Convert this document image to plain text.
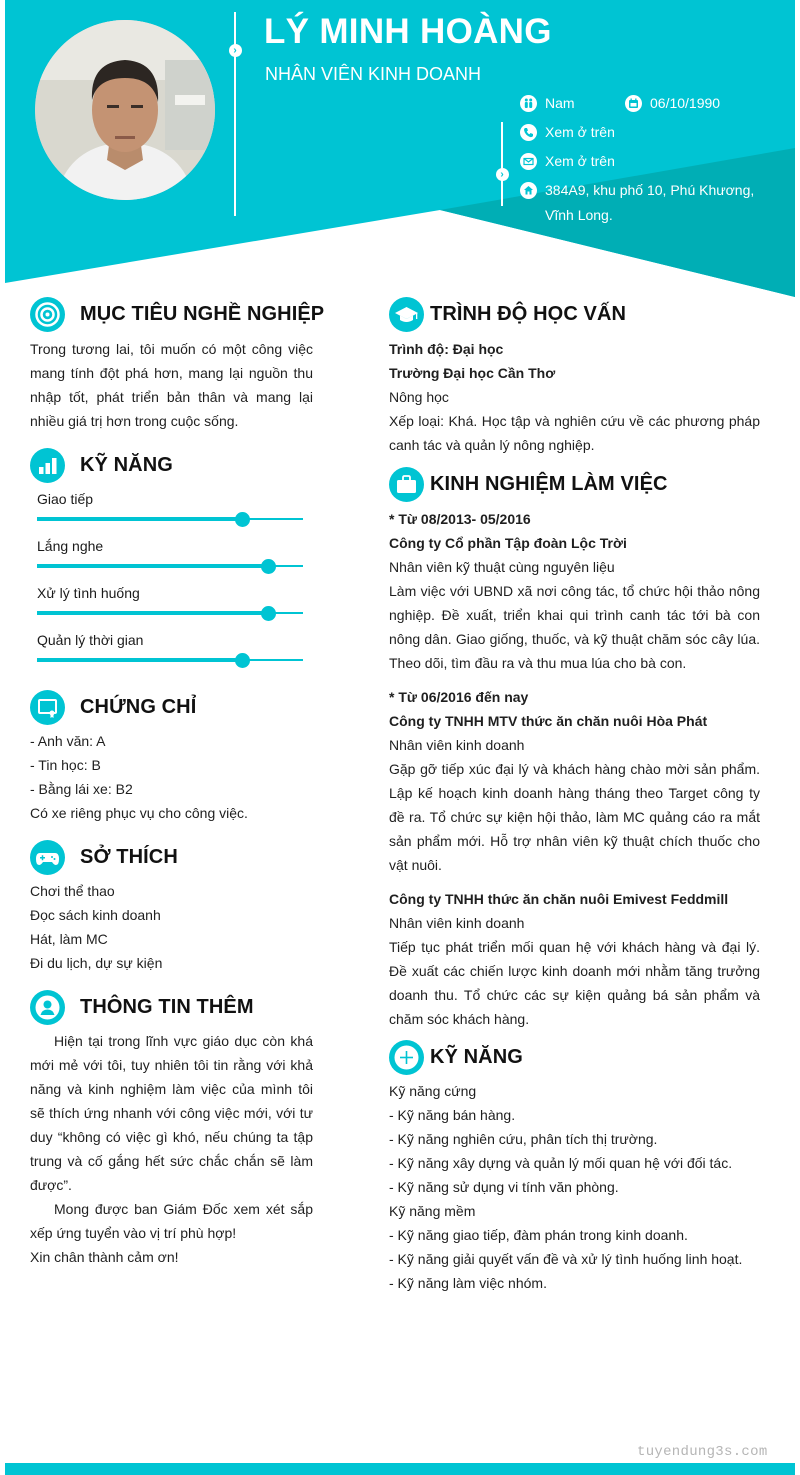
› LÝ MINH HOÀNG
NHÂN VIÊN KINH DOANH
›
Nam	06/10/1990
Xem ở trên
Xem ở trên
384A9, khu phố 10, Phú Khương,
Vĩnh Long.
MỤC TIÊU NGHỀ NGHIỆP

Trong tương lai, tôi muốn có một công việc mang tính đột phá hơn, mang lại nguồn thu nhập tốt, phát triển bản thân và mang lại nhiều giá trị hơn trong cuộc sống.

KỸ NĂNG
Giao tiếp
Lắng nghe
Xử lý tình huống
Quản lý thời gian
CHỨNG CHỈ
- Anh văn: A
- Tin học: B
- Bằng lái xe: B2
Có xe riêng phục vụ cho công việc.
SỞ THÍCH
Chơi thể thao
Đọc sách kinh doanh
Hát, làm MC
Đi du lịch, dự sự kiện
THÔNG TIN THÊM

Hiện tại trong lĩnh vực giáo dục còn khá mới mẻ với tôi, tuy nhiên tôi tin rằng với khả năng và kinh nghiệm làm việc của mình tôi sẽ thích ứng nhanh với công việc mới, với tư duy “không có việc gì khó, nếu chúng ta tập trung và cố gắng hết sức chắc chắn sẽ làm được”.

Mong được ban Giám Đốc xem xét sắp xếp ứng tuyển vào vị trí phù hợp!

Xin chân thành cảm ơn!

TRÌNH ĐỘ HỌC VẤN
Trình độ: Đại học
Trường Đại học Cần Thơ
Nông học
Xếp loại: Khá. Học tập và nghiên cứu về các phương pháp canh tác và quản lý nông nghiệp.
KINH NGHIỆM LÀM VIỆC
* Từ 08/2013- 05/2016
Công ty Cổ phần Tập đoàn Lộc Trời
Nhân viên kỹ thuật cùng nguyên liệu
Làm việc với UBND xã nơi công tác, tổ chức hội thảo nông nghiệp. Đề xuất, triển khai qui trình canh tác tới bà con nông dân. Giao giống, thuốc, và kỹ thuật chăm sóc cây lúa. Theo dõi, tìm đầu ra và thu mua lúa cho bà con.
* Từ 06/2016 đến nay
Công ty TNHH MTV thức ăn chăn nuôi Hòa Phát
Nhân viên kinh doanh
Gặp gỡ tiếp xúc đại lý và khách hàng chào mời sản phẩm. Lập kế hoạch kinh doanh hàng tháng theo Target công ty đề ra. Tổ chức sự kiện hội thảo, làm MC quảng cáo ra mắt sản phẩm mới. Hỗ trợ nhân viên kỹ thuật chích thuốc cho vật nuôi.
Công ty TNHH thức ăn chăn nuôi Emivest Feddmill
Nhân viên kinh doanh
Tiếp tục phát triển mối quan hệ với khách hàng và đại lý. Đề xuất các chiến lược kinh doanh mới nhằm tăng trưởng doanh thu. Tổ chức các sự kiện quảng bá sản phẩm và chăm sóc khách hàng.
KỸ NĂNG
Kỹ năng cứng
- Kỹ năng bán hàng.
- Kỹ năng nghiên cứu, phân tích thị trường.
- Kỹ năng xây dựng và quản lý mối quan hệ với đối tác.
- Kỹ năng sử dụng vi tính văn phòng.
Kỹ năng mềm
- Kỹ năng giao tiếp, đàm phán trong kinh doanh.
- Kỹ năng giải quyết vấn đề và xử lý tình huống linh hoạt.
- Kỹ năng làm việc nhóm.
tuyendung3s.com
